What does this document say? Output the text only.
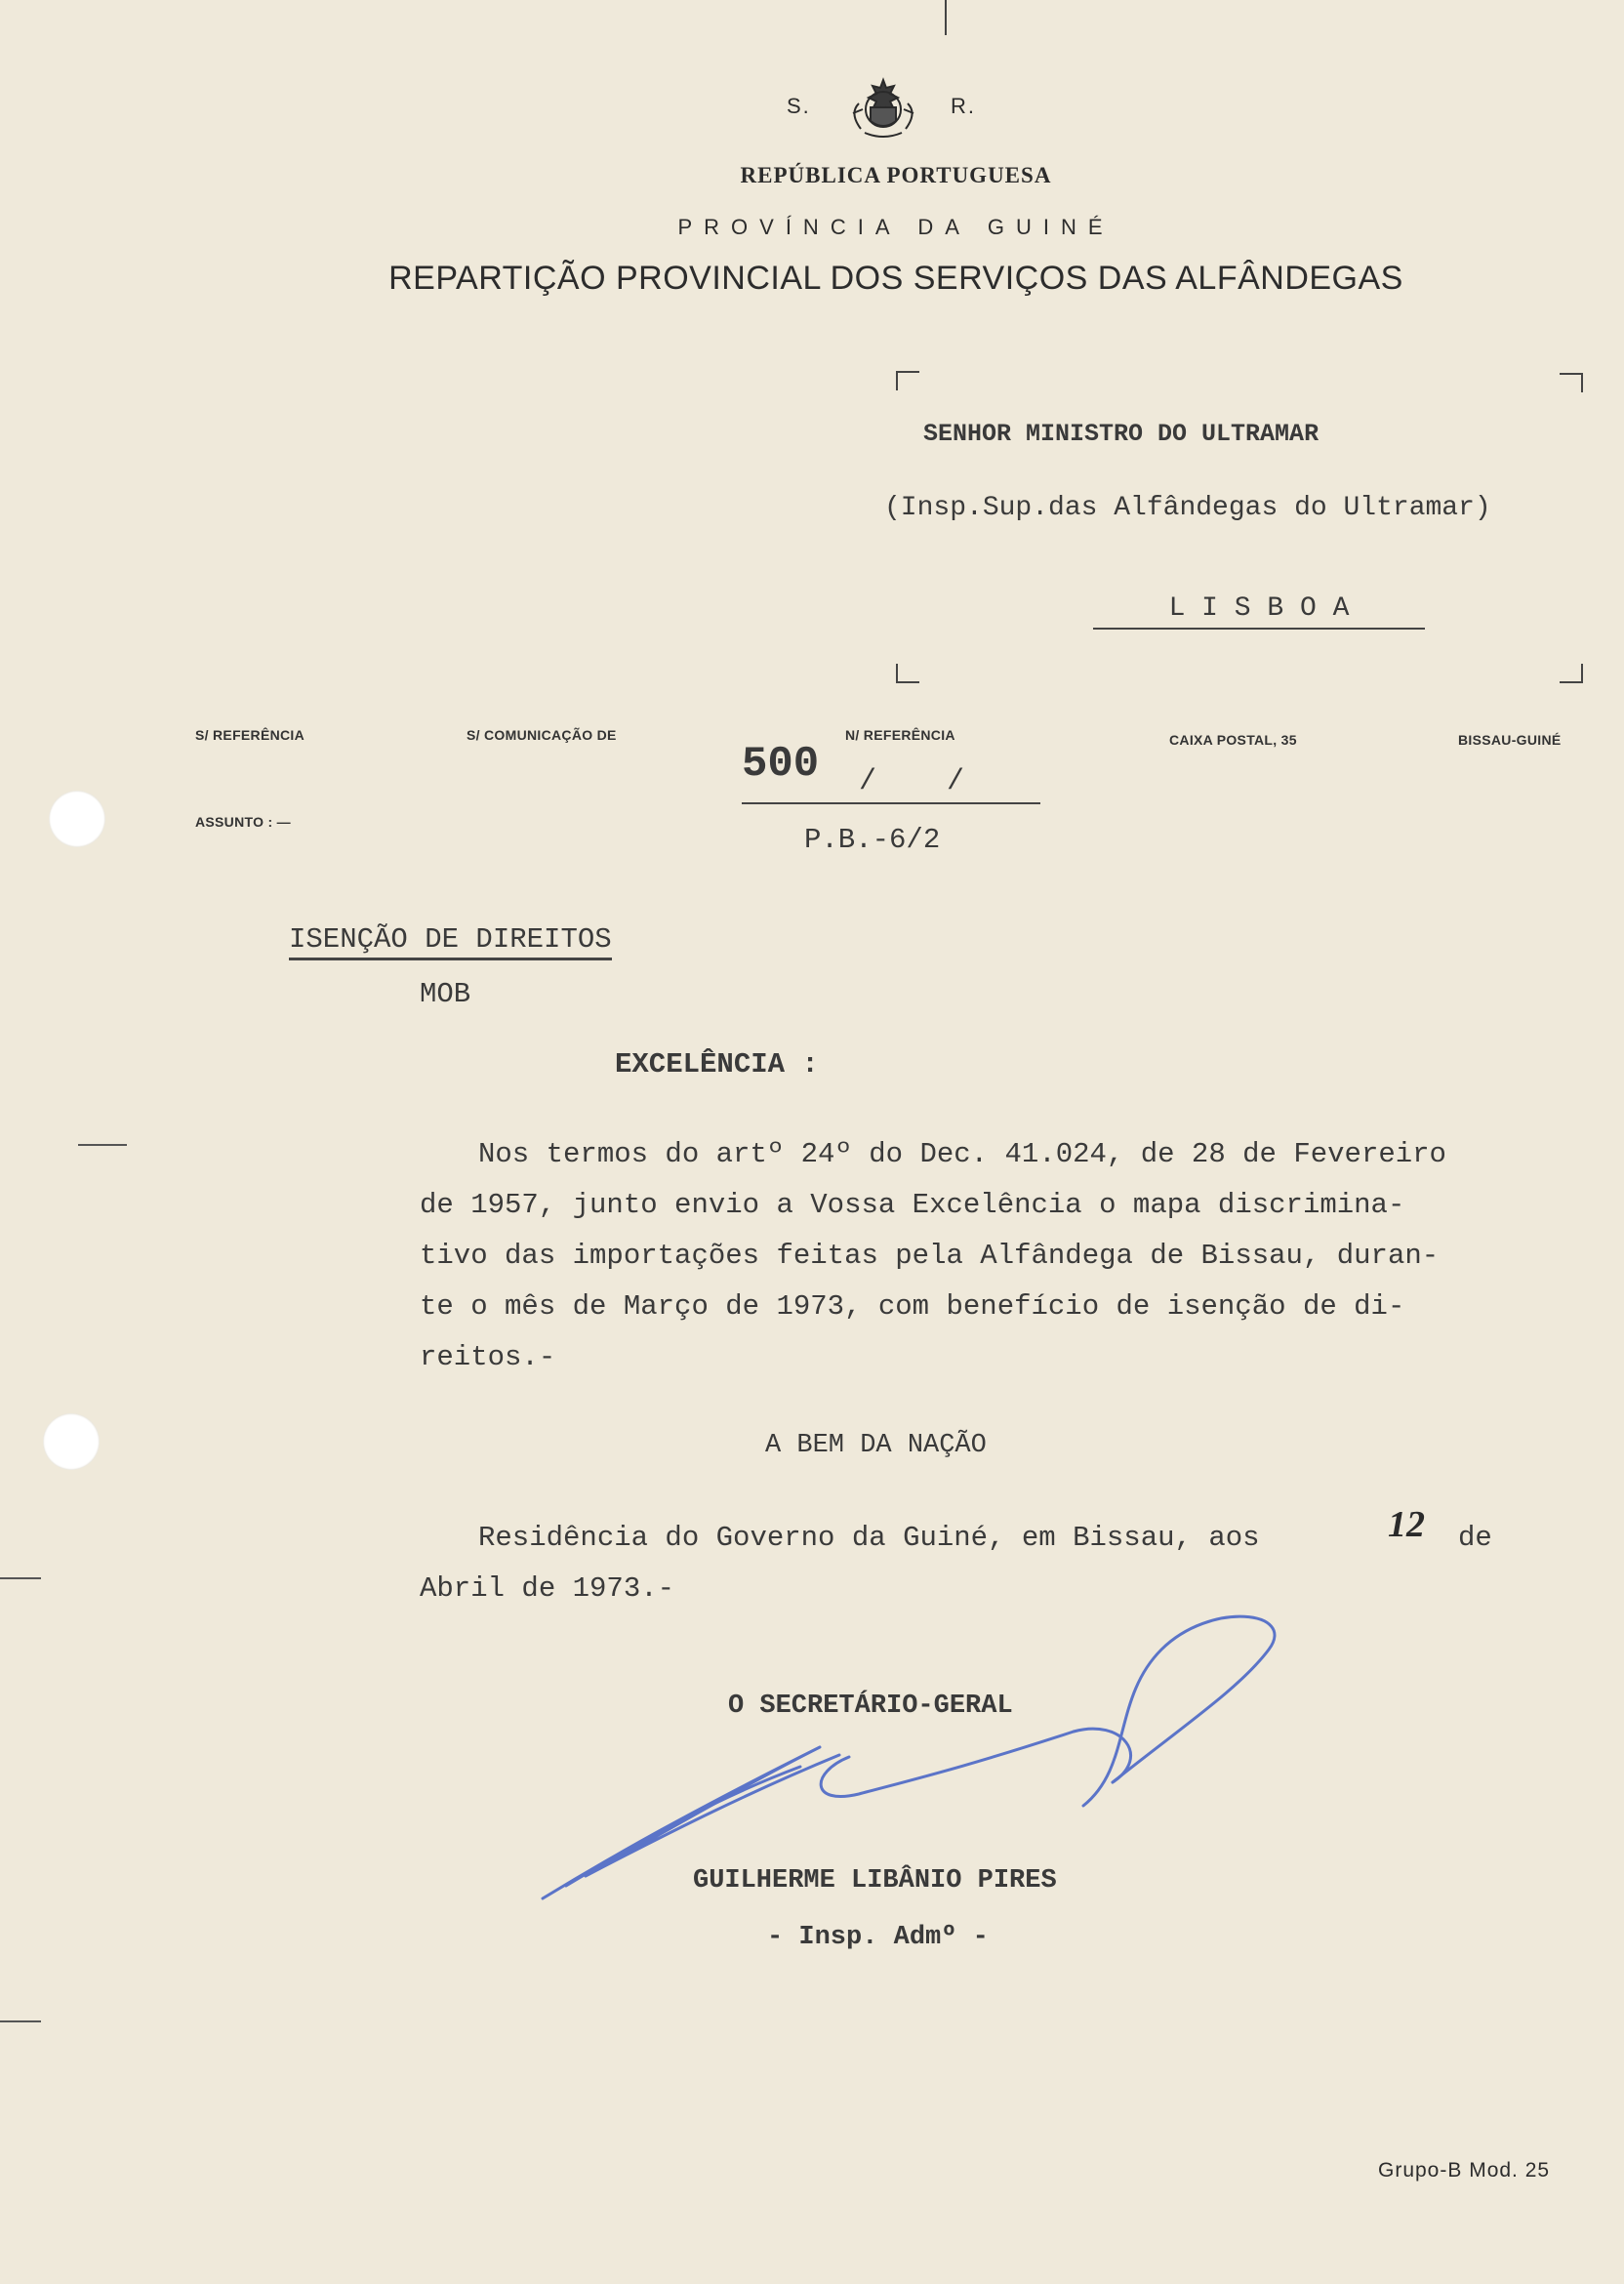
S.	R.
REPÚBLICA PORTUGUESA
PROVÍNCIA DA GUINÉ
REPARTIÇÃO PROVINCIAL DOS SERVIÇOS DAS ALFÂNDEGAS
SENHOR MINISTRO DO ULTRAMAR
(Insp.Sup.das Alfândegas do Ultramar)
L I S B O A
S/ REFERÊNCIA	S/ COMUNICAÇÃO DE	N/ REFERÊNCIA	CAIXA POSTAL, 35	BISSAU-GUINÉ
ASSUNTO : —
500 /    /
P.B.-6/2
ISENÇÃO DE DIREITOS
MOB
EXCELÊNCIA :
Nos termos do artº 24º do Dec. 41.024, de 28 de Fevereiro
de 1957, junto envio a Vossa Excelência o mapa discrimina-
tivo das importações feitas pela Alfândega de Bissau, duran-
te o mês de Março de 1973, com benefício de isenção de di-
reitos.-
A BEM DA NAÇÃO
Residência do Governo da Guiné, em Bissau, aos	12 de
Abril de 1973.-
O SECRETÁRIO-GERAL
GUILHERME LIBÂNIO PIRES
- Insp. Admº -
Grupo-B Mod. 25
